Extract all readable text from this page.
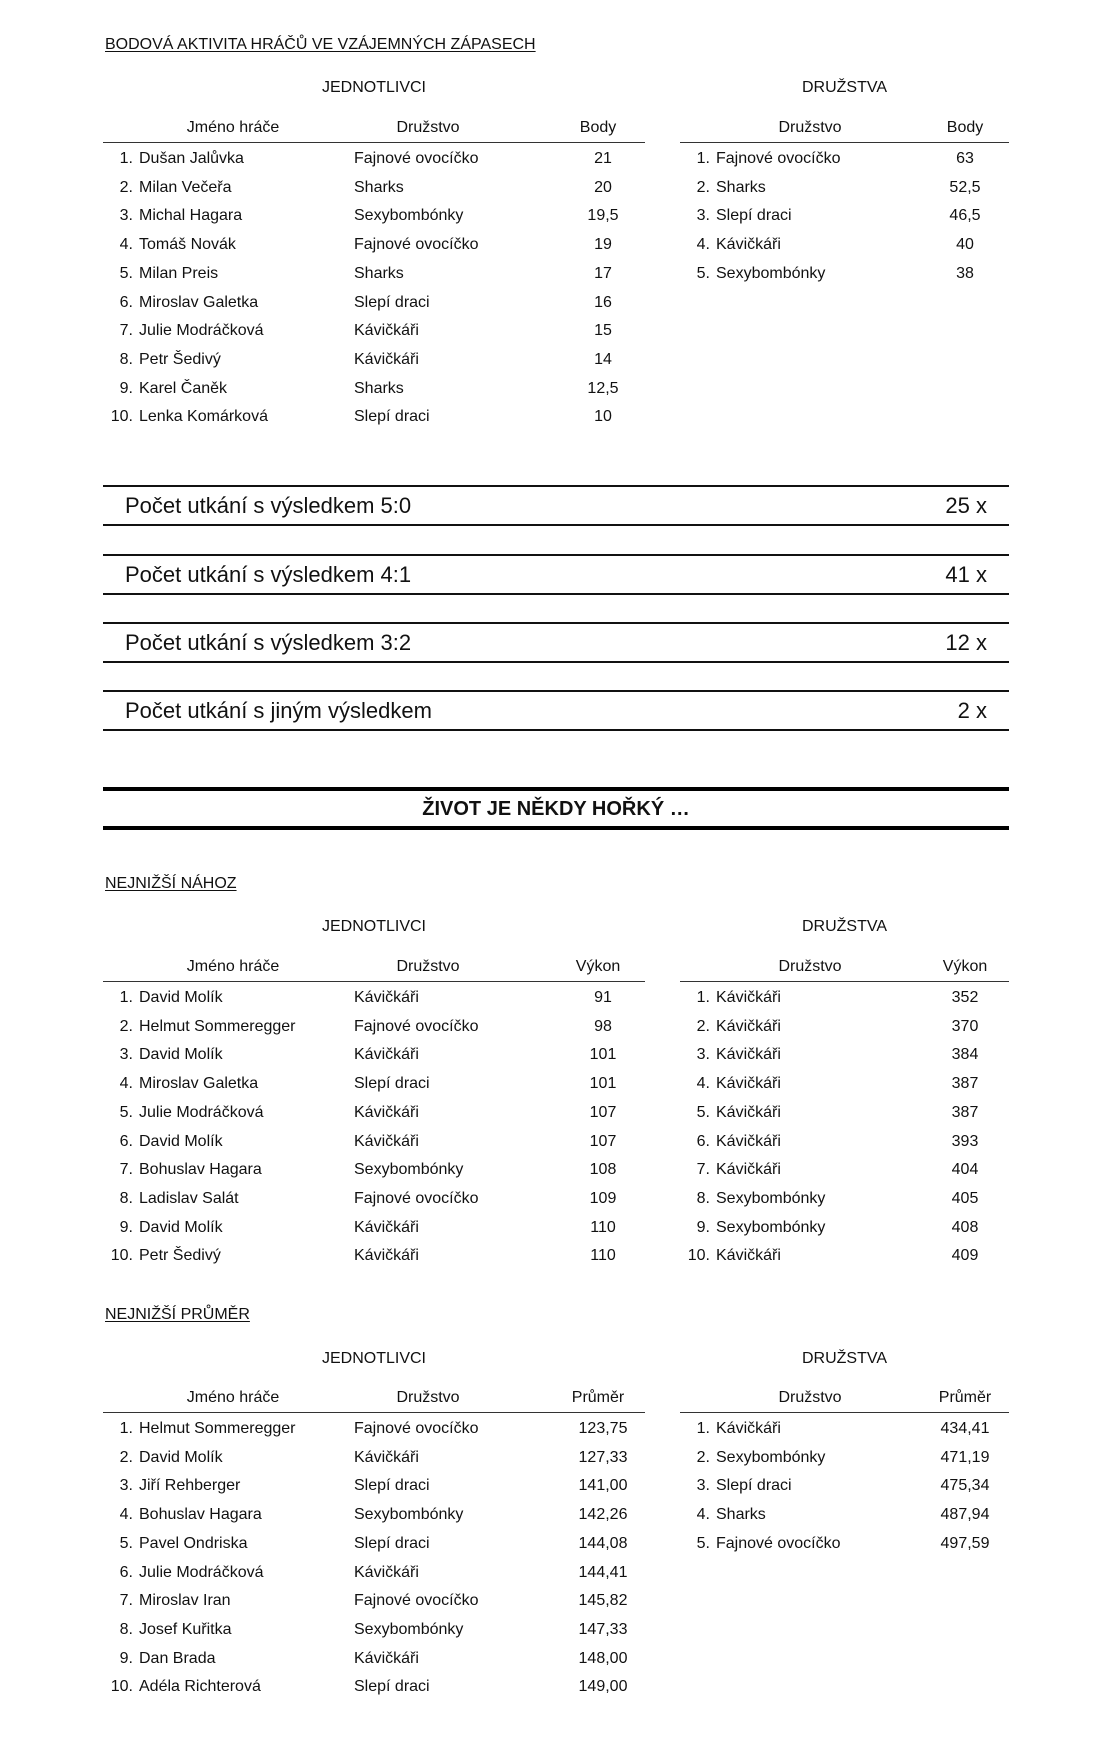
BODOVÁ AKTIVITA HRÁČŮ VE VZÁJEMNÝCH ZÁPASECH
JEDNOTLIVCI	DRUŽSTVA
Jméno hráče	Družstvo	Body
1. Dušan Jalůvka	Fajnové ovocíčko	21
2. Milan Večeřa	Sharks	20
3. Michal Hagara	Sexybombónky	19,5
4. Tomáš Novák	Fajnové ovocíčko	19
5. Milan Preis	Sharks	17
6. Miroslav Galetka	Slepí draci	16
7. Julie Modráčková	Kávičkáři	15
8. Petr Šedivý	Kávičkáři	14
9. Karel Čaněk	Sharks	12,5
10. Lenka Komárková	Slepí draci	10
Družstvo	Body
1. Fajnové ovocíčko	63
2. Sharks	52,5
3. Slepí draci	46,5
4. Kávičkáři	40
5. Sexybombónky	38
Počet utkání s výsledkem 5:0	25 x
Počet utkání s výsledkem 4:1	41 x
Počet utkání s výsledkem 3:2	12 x
Počet utkání s jiným výsledkem	2 x
ŽIVOT JE NĚKDY HOŘKÝ …
NEJNIŽŠÍ NÁHOZ
JEDNOTLIVCI	DRUŽSTVA
Jméno hráče	Družstvo	Výkon
1. David Molík	Kávičkáři	91
2. Helmut Sommeregger	Fajnové ovocíčko	98
3. David Molík	Kávičkáři	101
4. Miroslav Galetka	Slepí draci	101
5. Julie Modráčková	Kávičkáři	107
6. David Molík	Kávičkáři	107
7. Bohuslav Hagara	Sexybombónky	108
8. Ladislav Salát	Fajnové ovocíčko	109
9. David Molík	Kávičkáři	110
10. Petr Šedivý	Kávičkáři	110
Družstvo	Výkon
1. Kávičkáři	352
2. Kávičkáři	370
3. Kávičkáři	384
4. Kávičkáři	387
5. Kávičkáři	387
6. Kávičkáři	393
7. Kávičkáři	404
8. Sexybombónky	405
9. Sexybombónky	408
10. Kávičkáři	409
NEJNIŽŠÍ PRŮMĚR
JEDNOTLIVCI	DRUŽSTVA
Jméno hráče	Družstvo	Průměr
1. Helmut Sommeregger	Fajnové ovocíčko	123,75
2. David Molík	Kávičkáři	127,33
3. Jiří Rehberger	Slepí draci	141,00
4. Bohuslav Hagara	Sexybombónky	142,26
5. Pavel Ondriska	Slepí draci	144,08
6. Julie Modráčková	Kávičkáři	144,41
7. Miroslav Iran	Fajnové ovocíčko	145,82
8. Josef Kuřitka	Sexybombónky	147,33
9. Dan Brada	Kávičkáři	148,00
10. Adéla Richterová	Slepí draci	149,00
Družstvo	Průměr
1. Kávičkáři	434,41
2. Sexybombónky	471,19
3. Slepí draci	475,34
4. Sharks	487,94
5. Fajnové ovocíčko	497,59
